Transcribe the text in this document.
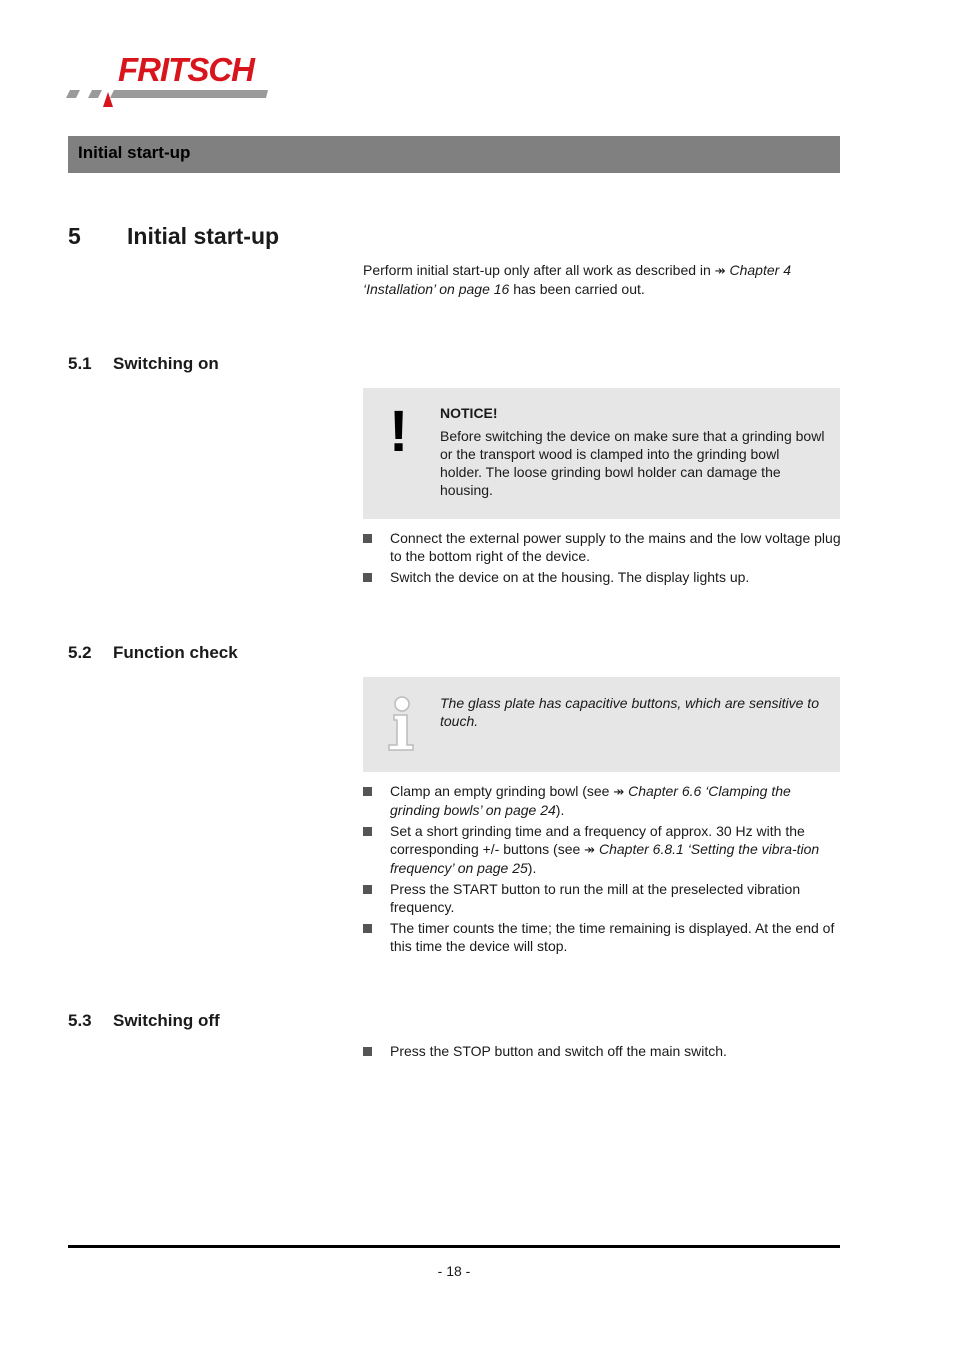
FRITSCH
Initial start-up
5 Initial start-up
Perform initial start-up only after all work as described in ↠ Chapter 4 ‘Installation’ on page 16 has been carried out.
5.1 Switching on
! NOTICE!
Before switching the device on make sure that a grinding bowl or the transport wood is clamped into the grinding bowl holder. The loose grinding bowl holder can damage the housing.
Connect the external power supply to the mains and the low voltage plug to the bottom right of the device.
Switch the device on at the housing. The display lights up.
5.2 Function check
The glass plate has capacitive buttons, which are sensitive to touch.
Clamp an empty grinding bowl (see ↠ Chapter 6.6 ‘Clamping the grinding bowls’ on page 24).
Set a short grinding time and a frequency of approx. 30 Hz with the corresponding +/- buttons (see ↠ Chapter 6.8.1 ‘Setting the vibra-tion frequency’ on page 25).
Press the START button to run the mill at the preselected vibration frequency.
The timer counts the time; the time remaining is displayed. At the end of this time the device will stop.
5.3 Switching off
Press the STOP button and switch off the main switch.
- 18 -
